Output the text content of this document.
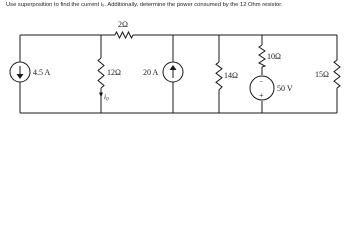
Use superposition to find the current i₀. Additionally, determine the power consumed by the 12 Ohm resistor.
4.5 A
2Ω
12Ω
$i_0$
20 A	14Ω
10Ω
−
+
50 V
15Ω
